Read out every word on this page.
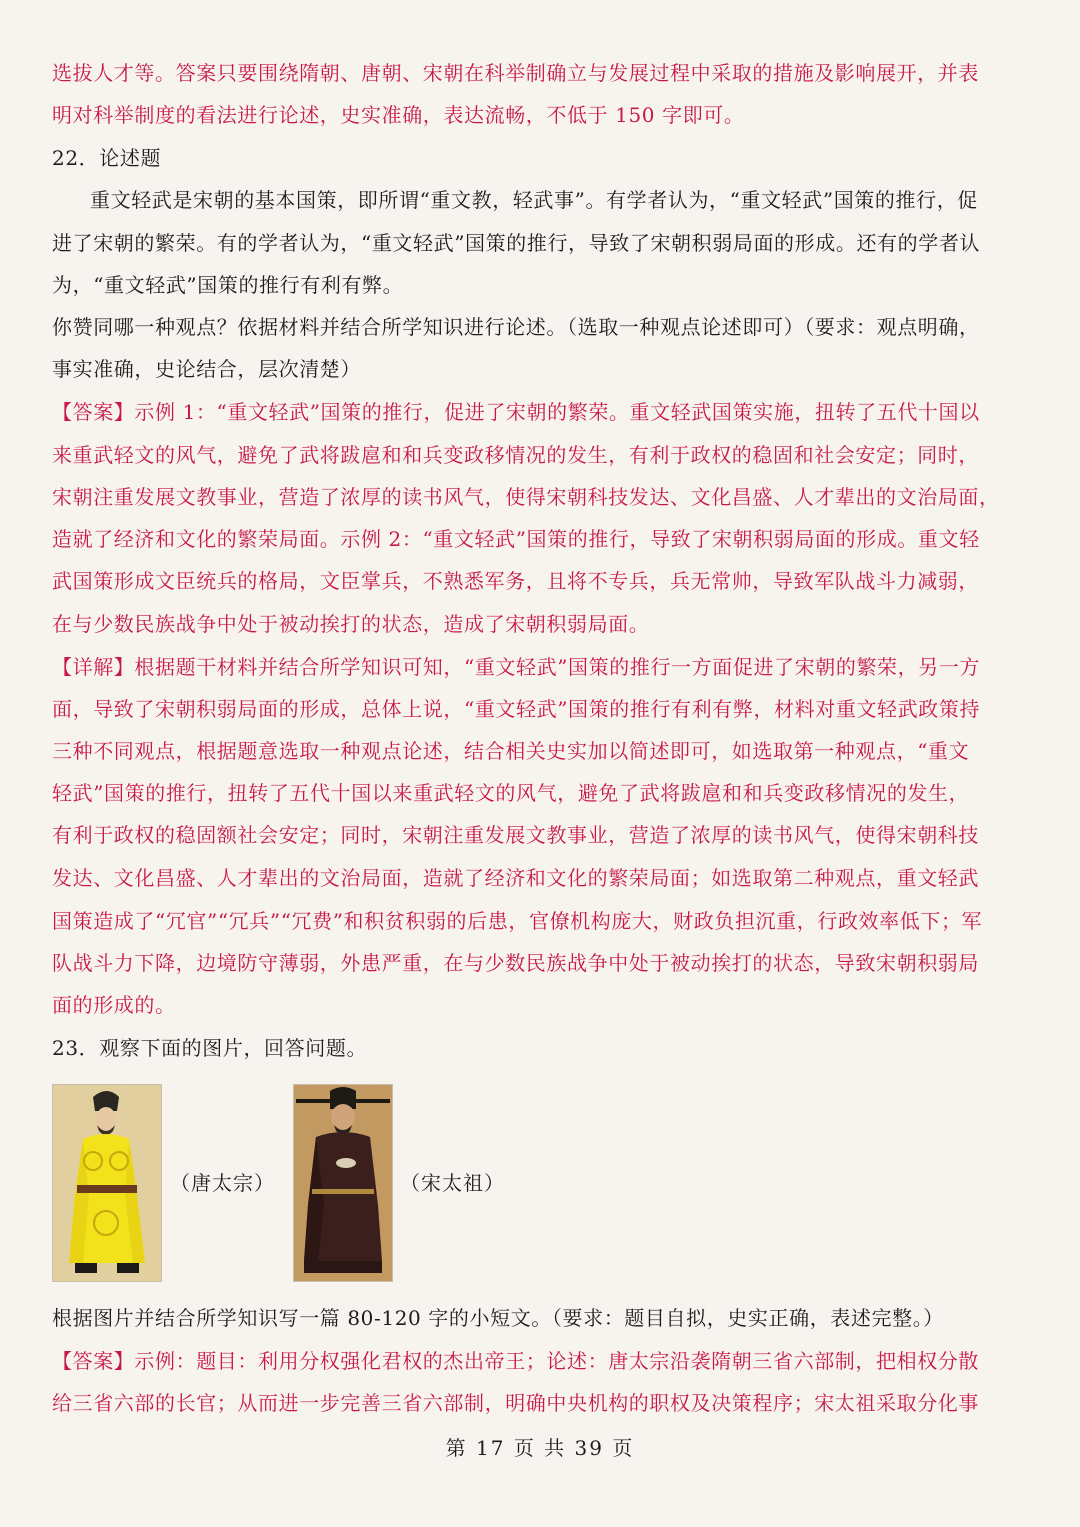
选拔人才等。答案只要围绕隋朝、唐朝、宋朝在科举制确立与发展过程中采取的措施及影响展开，并表
明对科举制度的看法进行论述，史实准确，表达流畅，不低于 150 字即可。
22．论述题
重文轻武是宋朝的基本国策，即所谓“重文教，轻武事”。有学者认为，“重文轻武”国策的推行，促
进了宋朝的繁荣。有的学者认为，“重文轻武”国策的推行，导致了宋朝积弱局面的形成。还有的学者认
为，“重文轻武”国策的推行有利有弊。
你赞同哪一种观点？依据材料并结合所学知识进行论述。（选取一种观点论述即可）（要求：观点明确，
事实准确，史论结合，层次清楚）
【答案】示例 1：“重文轻武”国策的推行，促进了宋朝的繁荣。重文轻武国策实施，扭转了五代十国以
来重武轻文的风气，避免了武将跋扈和和兵变政移情况的发生，有利于政权的稳固和社会安定；同时，
宋朝注重发展文教事业，营造了浓厚的读书风气，使得宋朝科技发达、文化昌盛、人才辈出的文治局面，
造就了经济和文化的繁荣局面。示例 2：“重文轻武”国策的推行，导致了宋朝积弱局面的形成。重文轻
武国策形成文臣统兵的格局，文臣掌兵，不熟悉军务，且将不专兵，兵无常帅，导致军队战斗力减弱，
在与少数民族战争中处于被动挨打的状态，造成了宋朝积弱局面。
【详解】根据题干材料并结合所学知识可知，“重文轻武”国策的推行一方面促进了宋朝的繁荣，另一方
面，导致了宋朝积弱局面的形成，总体上说，“重文轻武”国策的推行有利有弊，材料对重文轻武政策持
三种不同观点，根据题意选取一种观点论述，结合相关史实加以简述即可，如选取第一种观点，“重文
轻武”国策的推行，扭转了五代十国以来重武轻文的风气，避免了武将跋扈和和兵变政移情况的发生，
有利于政权的稳固额社会安定；同时，宋朝注重发展文教事业，营造了浓厚的读书风气，使得宋朝科技
发达、文化昌盛、人才辈出的文治局面，造就了经济和文化的繁荣局面；如选取第二种观点，重文轻武
国策造成了“冗官”“冗兵”“冗费”和积贫积弱的后患，官僚机构庞大，财政负担沉重，行政效率低下；军
队战斗力下降，边境防守薄弱，外患严重，在与少数民族战争中处于被动挨打的状态，导致宋朝积弱局
面的形成的。
23．观察下面的图片，回答问题。
（唐太宗）	（宋太祖）
根据图片并结合所学知识写一篇 80-120 字的小短文。（要求：题目自拟，史实正确，表述完整。）
【答案】示例：题目：利用分权强化君权的杰出帝王；论述：唐太宗沿袭隋朝三省六部制，把相权分散
给三省六部的长官；从而进一步完善三省六部制，明确中央机构的职权及决策程序；宋太祖采取分化事
第 17 页 共 39 页
